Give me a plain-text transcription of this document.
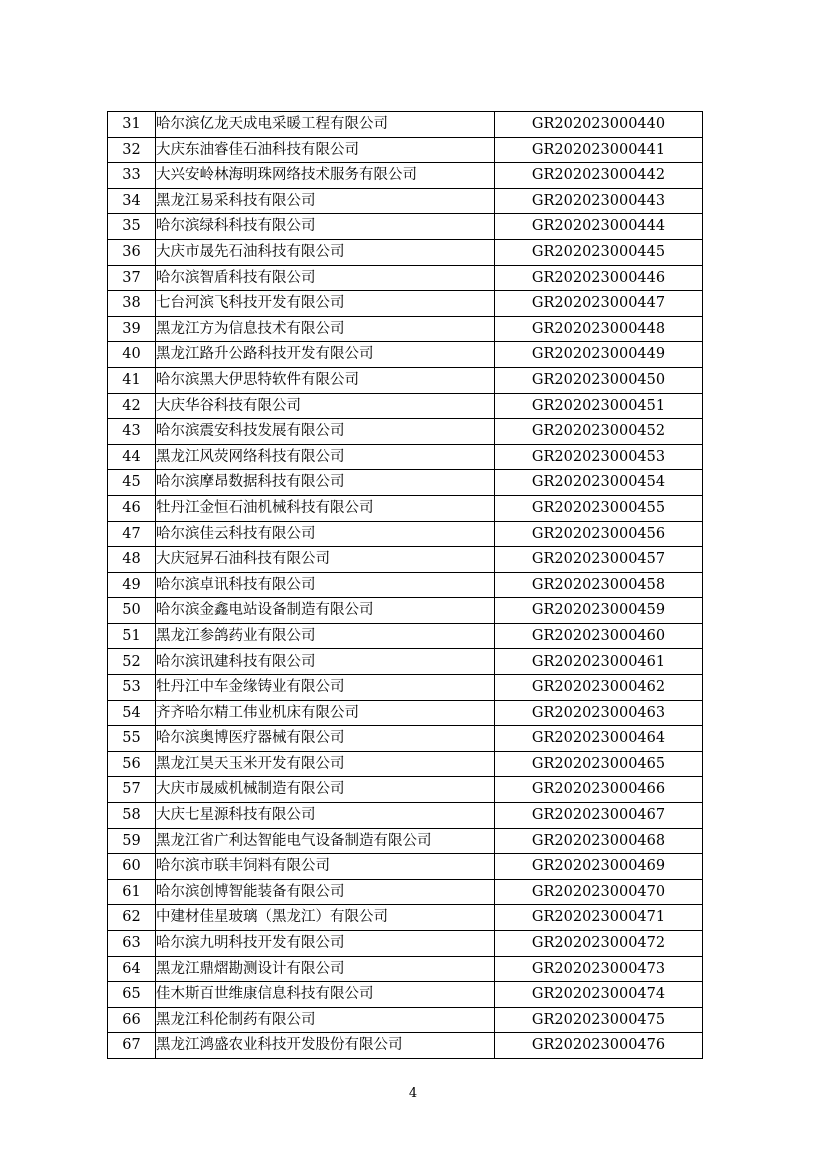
31	哈尔滨亿龙天成电采暖工程有限公司	GR202023000440
32	大庆东油睿佳石油科技有限公司	GR202023000441
33	大兴安岭林海明珠网络技术服务有限公司	GR202023000442
34	黑龙江易采科技有限公司	GR202023000443
35	哈尔滨绿科科技有限公司	GR202023000444
36	大庆市晟先石油科技有限公司	GR202023000445
37	哈尔滨智盾科技有限公司	GR202023000446
38	七台河滨飞科技开发有限公司	GR202023000447
39	黑龙江方为信息技术有限公司	GR202023000448
40	黑龙江路升公路科技开发有限公司	GR202023000449
41	哈尔滨黑大伊思特软件有限公司	GR202023000450
42	大庆华谷科技有限公司	GR202023000451
43	哈尔滨震安科技发展有限公司	GR202023000452
44	黑龙江风荧网络科技有限公司	GR202023000453
45	哈尔滨摩昂数据科技有限公司	GR202023000454
46	牡丹江金恒石油机械科技有限公司	GR202023000455
47	哈尔滨佳云科技有限公司	GR202023000456
48	大庆冠昇石油科技有限公司	GR202023000457
49	哈尔滨卓讯科技有限公司	GR202023000458
50	哈尔滨金鑫电站设备制造有限公司	GR202023000459
51	黑龙江参鸽药业有限公司	GR202023000460
52	哈尔滨讯建科技有限公司	GR202023000461
53	牡丹江中车金缘铸业有限公司	GR202023000462
54	齐齐哈尔精工伟业机床有限公司	GR202023000463
55	哈尔滨奥博医疗器械有限公司	GR202023000464
56	黑龙江昊天玉米开发有限公司	GR202023000465
57	大庆市晟威机械制造有限公司	GR202023000466
58	大庆七星源科技有限公司	GR202023000467
59	黑龙江省广利达智能电气设备制造有限公司	GR202023000468
60	哈尔滨市联丰饲料有限公司	GR202023000469
61	哈尔滨创博智能装备有限公司	GR202023000470
62	中建材佳星玻璃（黑龙江）有限公司	GR202023000471
63	哈尔滨九明科技开发有限公司	GR202023000472
64	黑龙江鼎熠勘测设计有限公司	GR202023000473
65	佳木斯百世维康信息科技有限公司	GR202023000474
66	黑龙江科伦制药有限公司	GR202023000475
67	黑龙江鸿盛农业科技开发股份有限公司	GR202023000476
4
